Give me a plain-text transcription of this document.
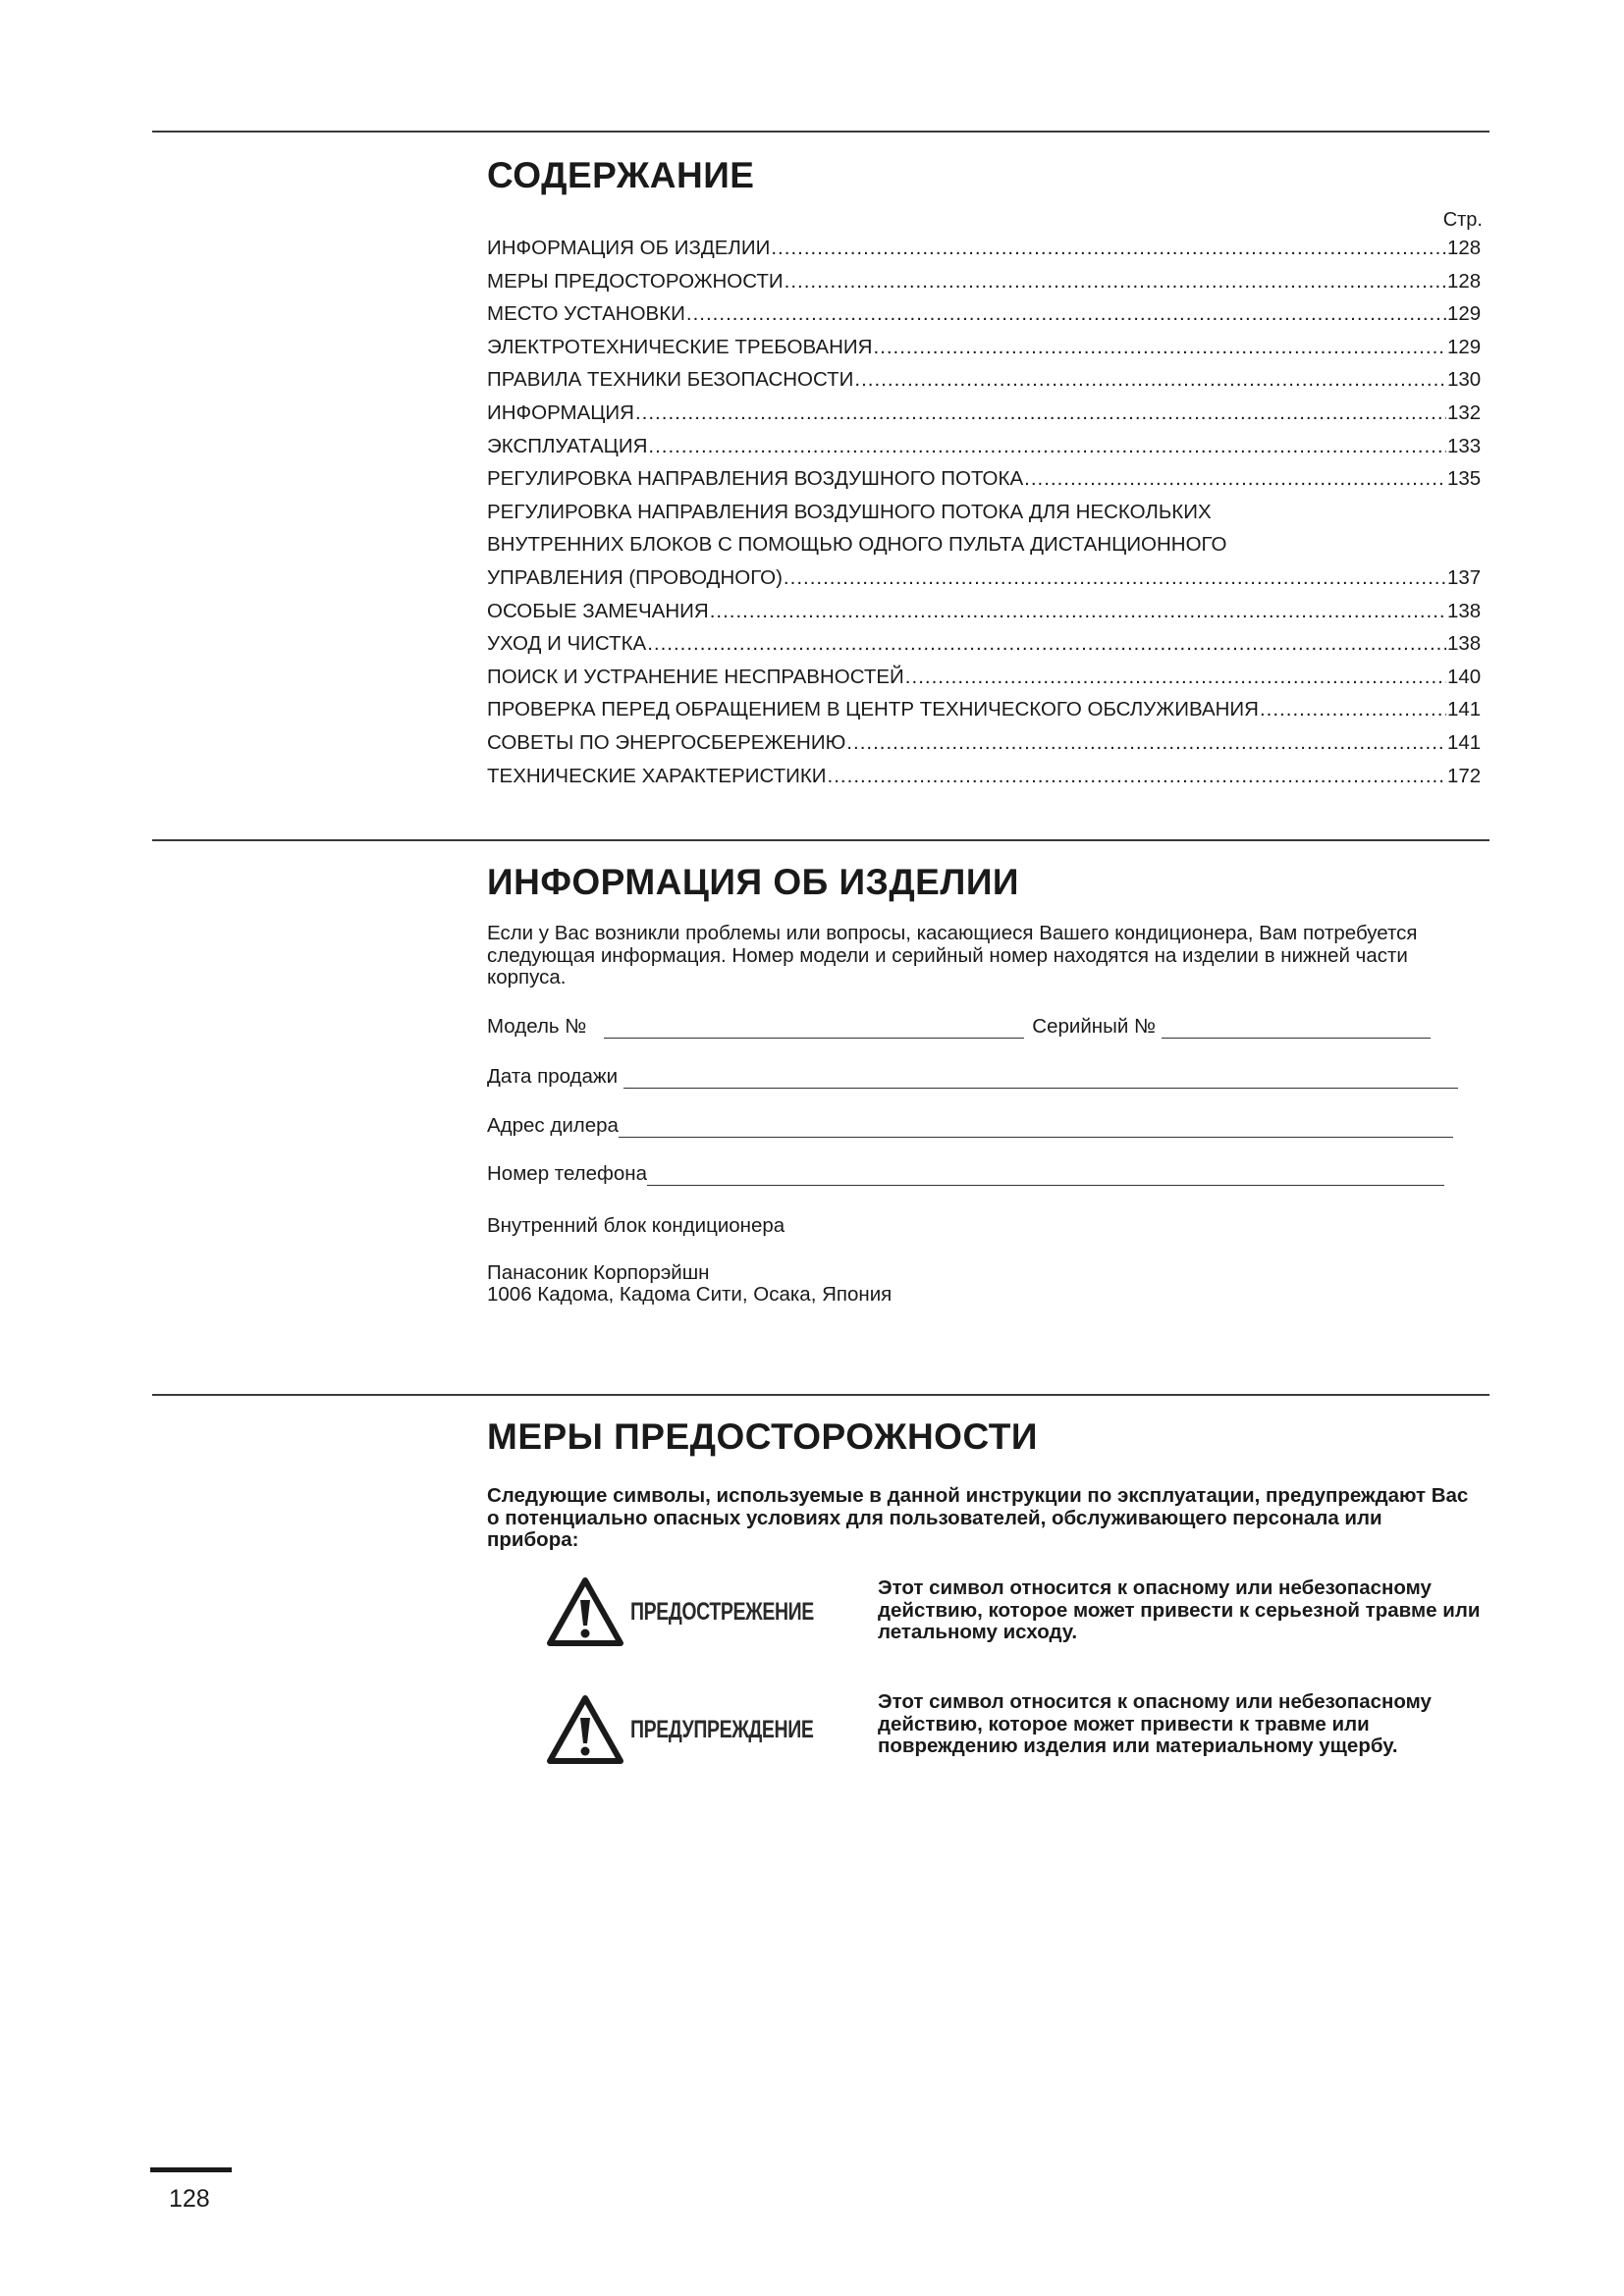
СОДЕРЖАНИЕ
Стр.
ИНФОРМАЦИЯ ОБ ИЗДЕЛИИ .....	128
МЕРЫ ПРЕДОСТОРОЖНОСТИ .....	128
МЕСТО УСТАНОВКИ .....	129
ЭЛЕКТРОТЕХНИЧЕСКИЕ ТРЕБОВАНИЯ .....	129
ПРАВИЛА ТЕХНИКИ БЕЗОПАСНОСТИ .....	130
ИНФОРМАЦИЯ .....	132
ЭКСПЛУАТАЦИЯ .....	133
РЕГУЛИРОВКА НАПРАВЛЕНИЯ ВОЗДУШНОГО ПОТОКА .....	135
РЕГУЛИРОВКА НАПРАВЛЕНИЯ ВОЗДУШНОГО ПОТОКА ДЛЯ НЕСКОЛЬКИХ
ВНУТРЕННИХ БЛОКОВ С ПОМОЩЬЮ ОДНОГО ПУЛЬТА ДИСТАНЦИОННОГО
УПРАВЛЕНИЯ (ПРОВОДНОГО) .....	137
ОСОБЫЕ ЗАМЕЧАНИЯ .....	138
УХОД И ЧИСТКА .....	138
ПОИСК И УСТРАНЕНИЕ НЕСПРАВНОСТЕЙ .....	140
ПРОВЕРКА ПЕРЕД ОБРАЩЕНИЕМ В ЦЕНТР ТЕХНИЧЕСКОГО ОБСЛУЖИВАНИЯ .....	141
СОВЕТЫ ПО ЭНЕРГОСБЕРЕЖЕНИЮ .....	141
ТЕХНИЧЕСКИЕ ХАРАКТЕРИСТИКИ .....	172
ИНФОРМАЦИЯ ОБ ИЗДЕЛИИ

Если у Вас возникли проблемы или вопросы, касающиеся Вашего кондиционера, Вам потребуется следующая информация. Номер модели и серийный номер находятся на изделии в нижней части корпуса.

Модель №	Серийный №
Дата продажи
Адрес дилера
Номер телефона

Внутренний блок кондиционера

Панасоник Корпорэйшн

1006 Кадома, Кадома Сити, Осака, Япония

МЕРЫ ПРЕДОСТОРОЖНОСТИ

Следующие символы, используемые в данной инструкции по эксплуатации, предупреждают Вас о потенциально опасных условиях для пользователей, обслуживающего персонала или прибора:

ПРЕДОСТРЕЖЕНИЕ

Этот символ относится к опасному или небезопасному действию, которое может привести к серьезной травме или летальному исходу.

ПРЕДУПРЕЖДЕНИЕ

Этот символ относится к опасному или небезопасному действию, которое может привести к травме или повреждению изделия или материальному ущербу.

128
